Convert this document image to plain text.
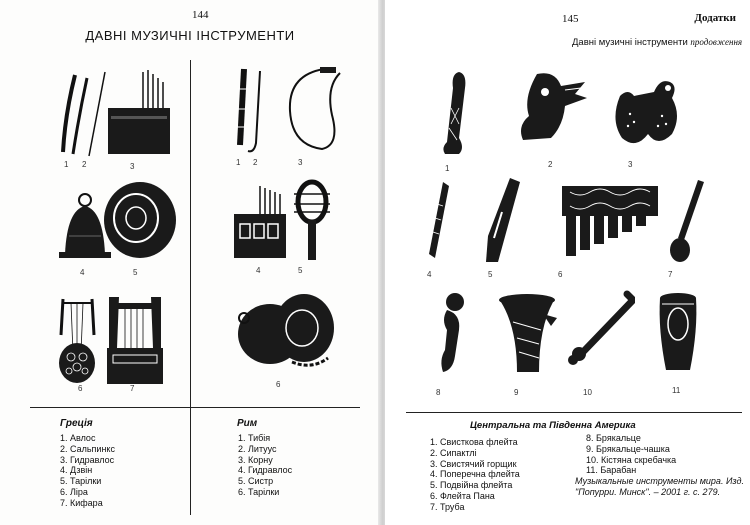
144
ДАВНІ МУЗИЧНІ ІНСТРУМЕНТИ
1 2	3
4	5
6	7
1 2	3
4	5
6
Греція
1. Авлос
2. Сальпинкс
3. Гидравлос
4. Дзвін
5. Тарілки
6. Ліра
7. Кифара
Рим
1. Тибія
2. Литуус
3. Корну
4. Гидравлос
5. Систр
6. Тарілки
145	Додатки
Давні музичні інструменти продовження
1	2	3
4	5	6	7
8	9	10	11
Центральна та Південна Америка
1. Свисткова флейта
2. Сипактлі
3. Свистячий горщик
4. Поперечна флейта
5. Подвійна флейта
6. Флейта Пана
7. Труба
8. Брякальце
9. Брякальце-чашка
10. Кістяна скребачка
11. Барабан
Музыкальные инструменты мира. Изд. "Попурри. Минск". – 2001 г. с. 279.
